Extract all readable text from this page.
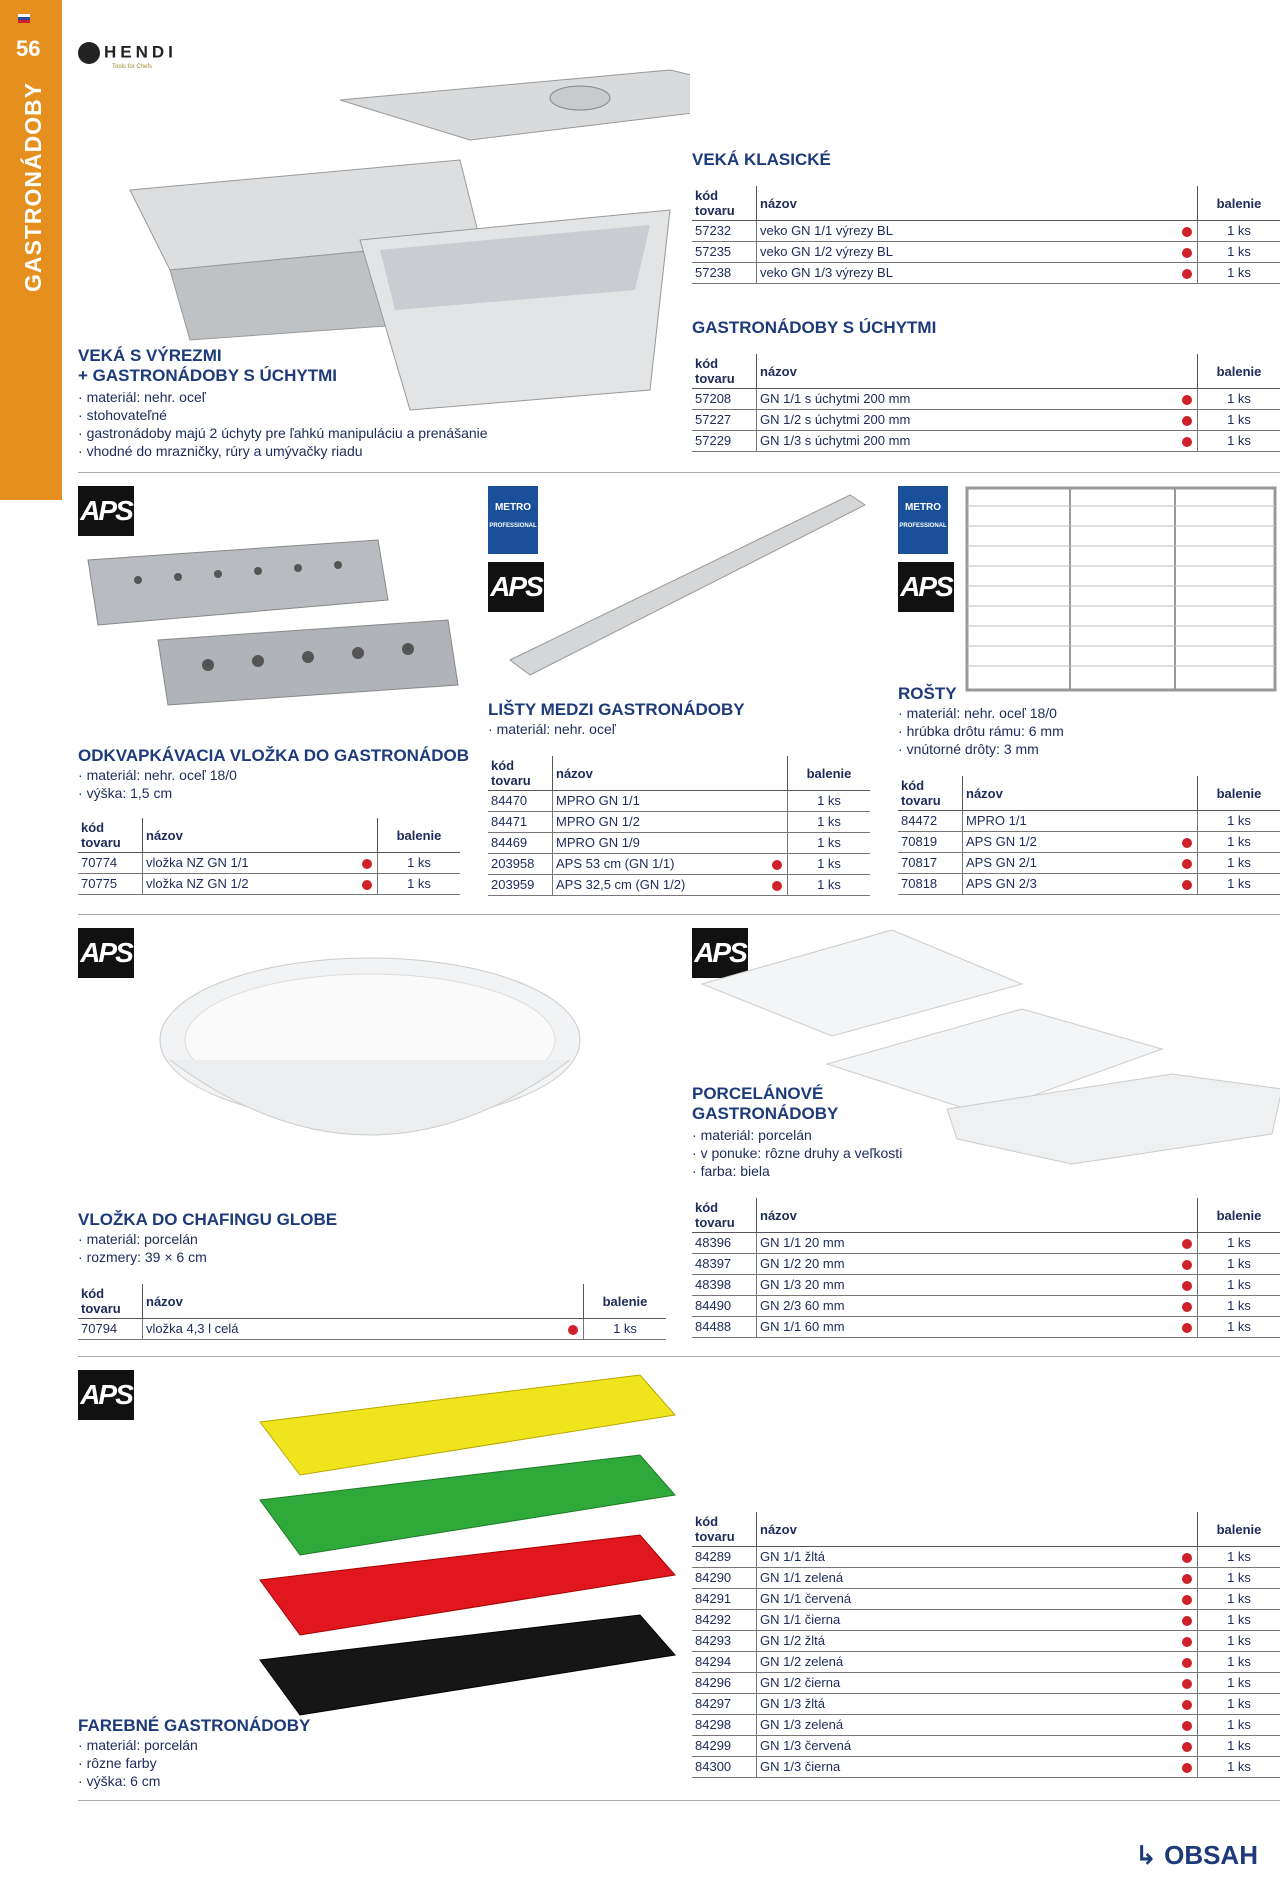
56
GASTRONÁDOBY
HENDI
Tools for Chefs
VEKÁ S VÝREZMI
+ GASTRONÁDOBY S ÚCHYTMI
· materiál: nehr. oceľ
· stohovateľné
· gastronádoby majú 2 úchyty pre ľahkú manipuláciu a prenášanie
· vhodné do mrazničky, rúry a umývačky riadu
VEKÁ KLASICKÉ
kód
tovaru	názov		balenie
57232	veko GN 1/1 výrezy BL		1 ks
57235	veko GN 1/2 výrezy BL		1 ks
57238	veko GN 1/3 výrezy BL		1 ks
GASTRONÁDOBY S ÚCHYTMI
kód
tovaru	názov		balenie
57208	GN 1/1 s úchytmi 200 mm		1 ks
57227	GN 1/2 s úchytmi 200 mm		1 ks
57229	GN 1/3 s úchytmi 200 mm		1 ks
APS
ODKVAPKÁVACIA VLOŽKA DO GASTRONÁDOB
· materiál: nehr. oceľ 18/0
· výška: 1,5 cm
kód
tovaru	názov		balenie
70774	vložka NZ GN 1/1		1 ks
70775	vložka NZ GN 1/2		1 ks
METRO
PROFESSIONAL
APS
LIŠTY MEDZI GASTRONÁDOBY
· materiál: nehr. oceľ
kód
tovaru	názov		balenie
84470	MPRO GN 1/1		1 ks
84471	MPRO GN 1/2		1 ks
84469	MPRO GN 1/9		1 ks
203958	APS 53 cm (GN 1/1)		1 ks
203959	APS 32,5 cm (GN 1/2)		1 ks
METRO
PROFESSIONAL
APS
ROŠTY
· materiál: nehr. oceľ 18/0
· hrúbka drôtu rámu: 6 mm
· vnútorné drôty: 3 mm
kód
tovaru	názov		balenie
84472	MPRO 1/1		1 ks
70819	APS GN 1/2		1 ks
70817	APS GN 2/1		1 ks
70818	APS GN 2/3		1 ks
APS
VLOŽKA DO CHAFINGU GLOBE
· materiál: porcelán
· rozmery: 39 × 6 cm
kód
tovaru	názov		balenie
70794	vložka 4,3 l celá		1 ks
APS
PORCELÁNOVÉ
GASTRONÁDOBY
· materiál: porcelán
· v ponuke: rôzne druhy a veľkosti
· farba: biela
kód
tovaru	názov		balenie
48396	GN 1/1 20 mm		1 ks
48397	GN 1/2 20 mm		1 ks
48398	GN 1/3 20 mm		1 ks
84490	GN 2/3 60 mm		1 ks
84488	GN 1/1 60 mm		1 ks
APS
FAREBNÉ GASTRONÁDOBY
· materiál: porcelán
· rôzne farby
· výška: 6 cm
kód
tovaru	názov		balenie
84289	GN 1/1 žltá		1 ks
84290	GN 1/1 zelená		1 ks
84291	GN 1/1 červená		1 ks
84292	GN 1/1 čierna		1 ks
84293	GN 1/2 žltá		1 ks
84294	GN 1/2 zelená		1 ks
84296	GN 1/2 čierna		1 ks
84297	GN 1/3 žltá		1 ks
84298	GN 1/3 zelená		1 ks
84299	GN 1/3 červená		1 ks
84300	GN 1/3 čierna		1 ks
↳ OBSAH
